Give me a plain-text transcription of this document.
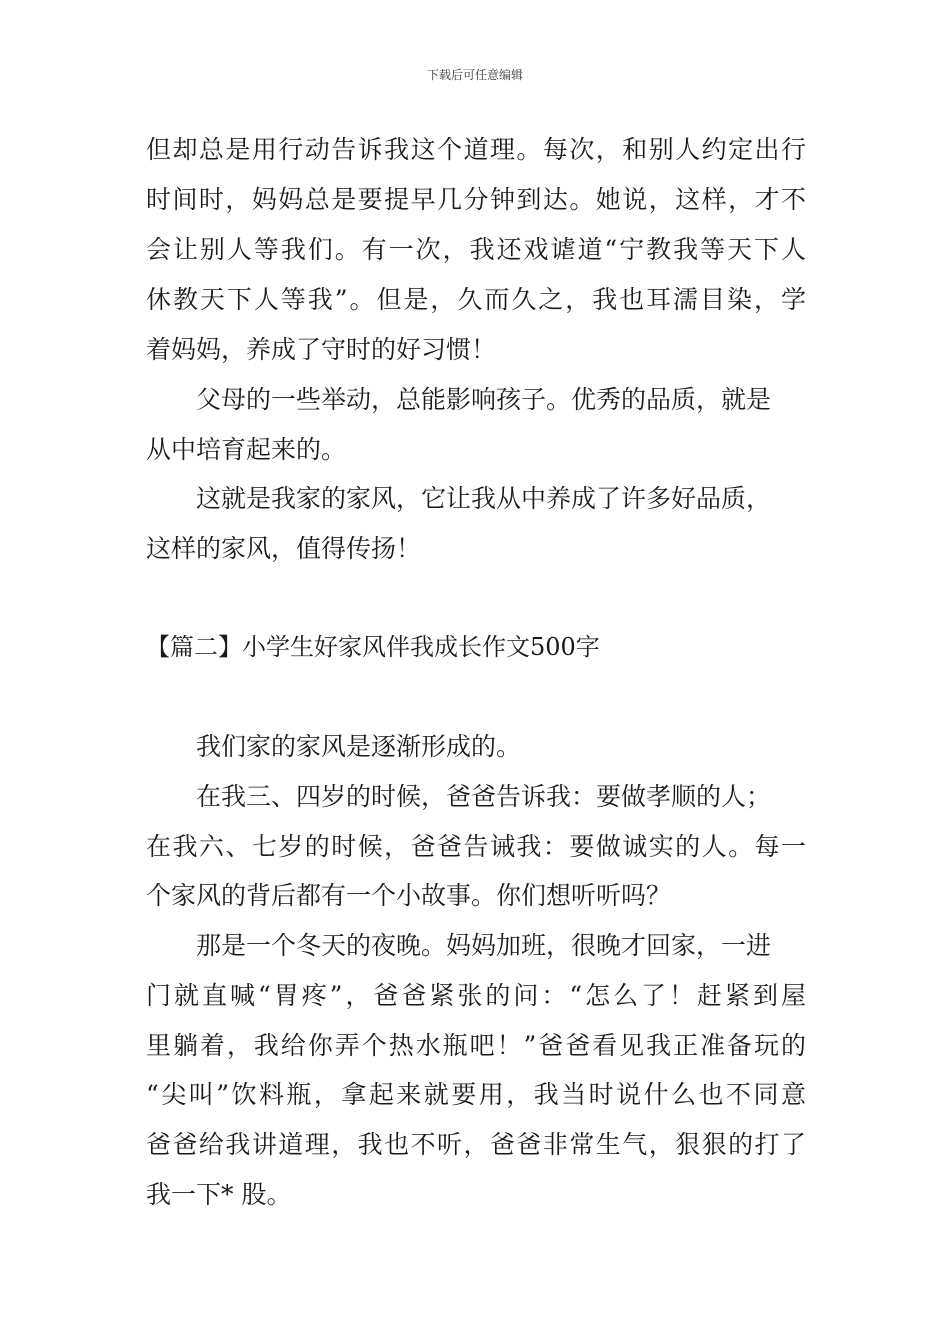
下载后可任意编辑
但却总是用行动告诉我这个道理。每次，和别人约定出行
时间时，妈妈总是要提早几分钟到达。她说，这样，才不
会让别人等我们。有一次，我还戏谑道“宁教我等天下人
休教天下人等我”。但是，久而久之，我也耳濡目染，学
着妈妈，养成了守时的好习惯！
父母的一些举动，总能影响孩子。优秀的品质，就是
从中培育起来的。
这就是我家的家风，它让我从中养成了许多好品质，
这样的家风，值得传扬！
【篇二】小学生好家风伴我成长作文500字
我们家的家风是逐渐形成的。
在我三、四岁的时候，爸爸告诉我：要做孝顺的人；
在我六、七岁的时候，爸爸告诫我：要做诚实的人。每一
个家风的背后都有一个小故事。你们想听听吗？
那是一个冬天的夜晚。妈妈加班，很晚才回家，一进
门就直喊“胃疼”，爸爸紧张的问：“怎么了！赶紧到屋
里躺着，我给你弄个热水瓶吧！”爸爸看见我正准备玩的
“尖叫”饮料瓶，拿起来就要用，我当时说什么也不同意
爸爸给我讲道理，我也不听，爸爸非常生气，狠狠的打了
我一下* 股。
